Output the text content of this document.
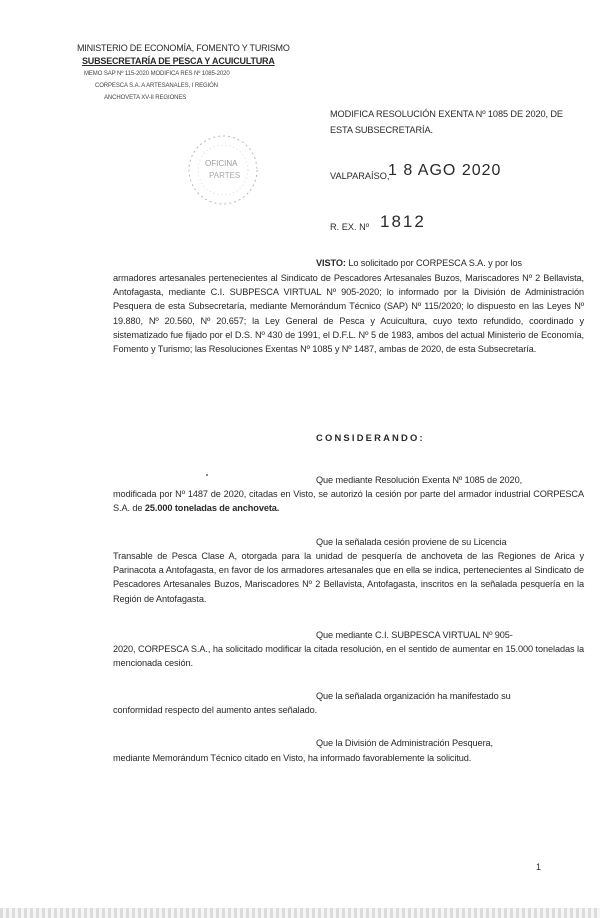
MINISTERIO DE ECONOMÍA, FOMENTO Y TURISMO
SUBSECRETARÍA DE PESCA Y ACUICULTURA
MEMO SAP Nº 115-2020 MODIFICA RES Nº 1085-2020
CORPESCA S.A. A ARTESANALES, I REGIÓN
ANCHOVETA XV-II REGIONES
OFICINA
PARTES
MODIFICA RESOLUCIÓN EXENTA Nº 1085 DE 2020, DE ESTA SUBSECRETARÍA.
VALPARAÍSO,
1 8 AGO 2020
R. EX. Nº 1812
VISTO: Lo solicitado por CORPESCA S.A. y por los
armadores artesanales pertenecientes al Sindicato de Pescadores Artesanales Buzos, Mariscadores Nº 2 Bellavista, Antofagasta, mediante C.I. SUBPESCA VIRTUAL Nº 905-2020; lo informado por la División de Administración Pesquera de esta Subsecretaría, mediante Memorándum Técnico (SAP) Nº 115/2020; lo dispuesto en las Leyes Nº 19.880, Nº 20.560, Nº 20.657; la Ley General de Pesca y Acuicultura, cuyo texto refundido, coordinado y sistematizado fue fijado por el D.S. Nº 430 de 1991, el D.F.L. Nº 5 de 1983, ambos del actual Ministerio de Economía, Fomento y Turismo; las Resoluciones Exentas Nº 1085 y Nº 1487, ambas de 2020, de esta Subsecretaría.
CONSIDERANDO:
Que mediante Resolución Exenta Nº 1085 de 2020,
modificada por Nº 1487 de 2020, citadas en Visto, se autorizó la cesión por parte del armador industrial CORPESCA S.A. de 25.000 toneladas de anchoveta.
Que la señalada cesión proviene de su Licencia
Transable de Pesca Clase A, otorgada para la unidad de pesquería de anchoveta de las Regiones de Arica y Parinacota a Antofagasta, en favor de los armadores artesanales que en ella se indica, pertenecientes al Sindicato de Pescadores Artesanales Buzos, Mariscadores Nº 2 Bellavista, Antofagasta, inscritos en la señalada pesquería en la Región de Antofagasta.
Que mediante C.I. SUBPESCA VIRTUAL Nº 905-
2020, CORPESCA S.A., ha solicitado modificar la citada resolución, en el sentido de aumentar en 15.000 toneladas la mencionada cesión.
Que la señalada organización ha manifestado su
conformidad respecto del aumento antes señalado.
Que la División de Administración Pesquera,
mediante Memorándum Técnico citado en Visto, ha informado favorablemente la solicitud.
1
